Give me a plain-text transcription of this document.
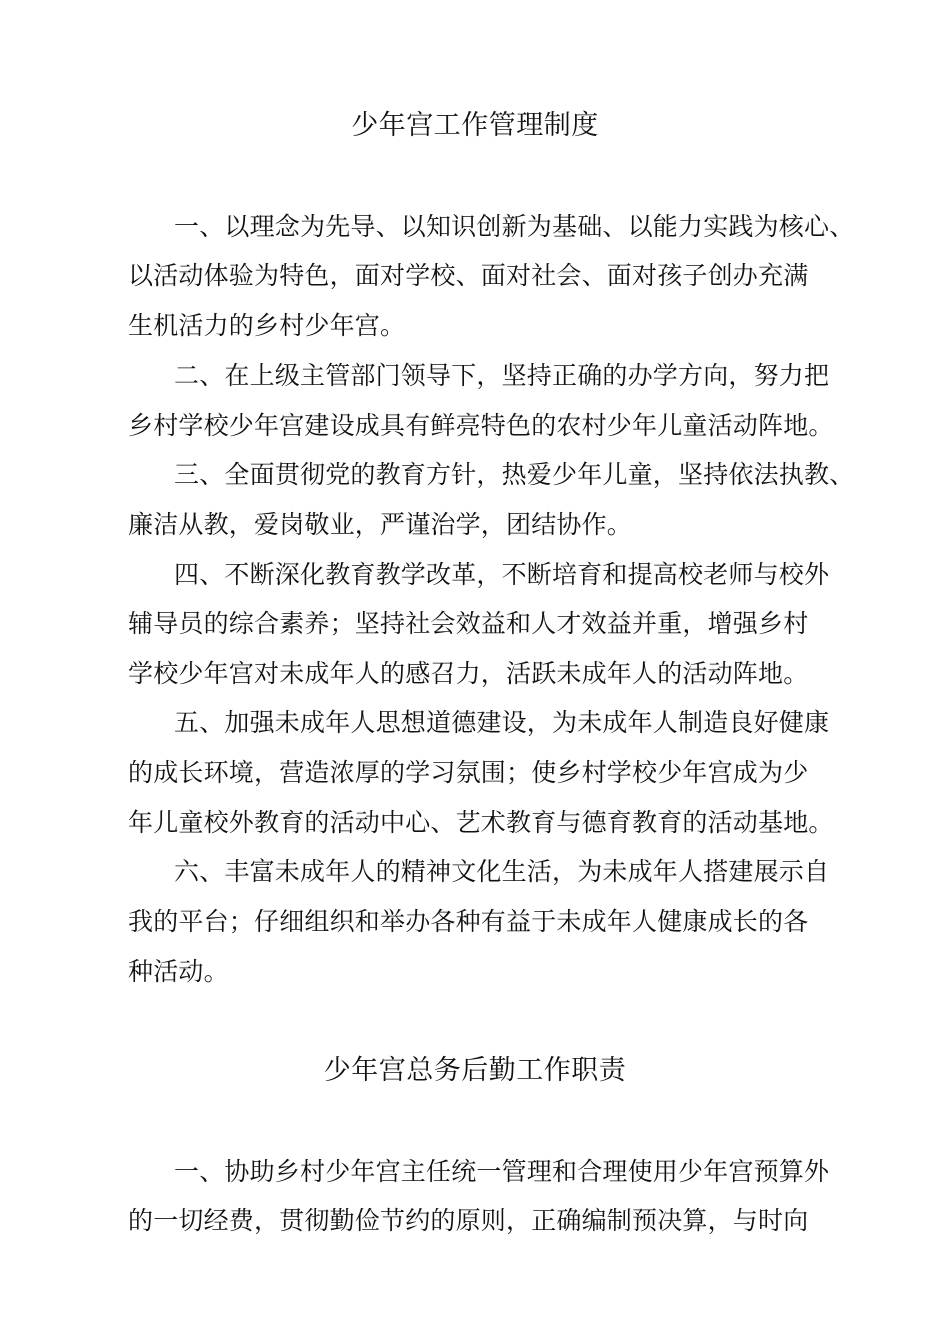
少年宫工作管理制度
一、以理念为先导、以知识创新为基础、以能力实践为核心、
以活动体验为特色，面对学校、面对社会、面对孩子创办充满
生机活力的乡村少年宫。
二、在上级主管部门领导下，坚持正确的办学方向，努力把
乡村学校少年宫建设成具有鲜亮特色的农村少年儿童活动阵地。
三、全面贯彻党的教育方针，热爱少年儿童，坚持依法执教、
廉洁从教，爱岗敬业，严谨治学，团结协作。
四、不断深化教育教学改革，不断培育和提高校老师与校外
辅导员的综合素养；坚持社会效益和人才效益并重，增强乡村
学校少年宫对未成年人的感召力，活跃未成年人的活动阵地。
五、加强未成年人思想道德建设，为未成年人制造良好健康
的成长环境，营造浓厚的学习氛围；使乡村学校少年宫成为少
年儿童校外教育的活动中心、艺术教育与德育教育的活动基地。
六、丰富未成年人的精神文化生活，为未成年人搭建展示自
我的平台；仔细组织和举办各种有益于未成年人健康成长的各
种活动。
少年宫总务后勤工作职责
一、协助乡村少年宫主任统一管理和合理使用少年宫预算外
的一切经费，贯彻勤俭节约的原则，正确编制预决算，与时向
